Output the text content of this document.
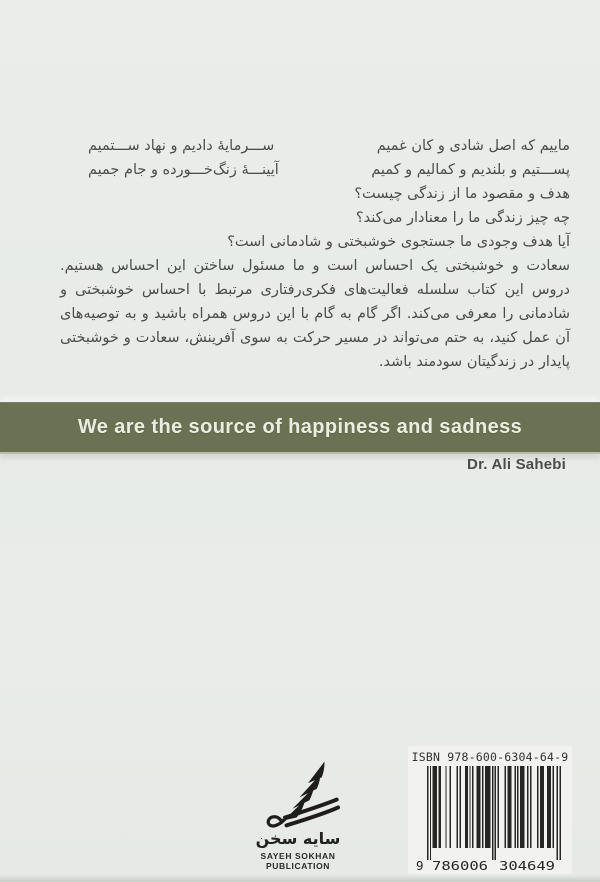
ماییم که اصل شادی و کان غمیم
ســـرمایۀ دادیم و نهاد ســـتمیم
پســـتیم و بلندیم و کمالیم و کمیم
آیینـــۀ زنگ‌خـــورده و جام جمیم
هدف و مقصود ما از زندگی چیست؟
چه چیز زندگی ما را معنادار می‌کند؟
آیا هدف وجودی ما جستجوی خوشبختی و شادمانی است؟
سعادت و خوشبختی یک احساس است و ما مسئول ساختن این احساس هستیم. دروس این کتاب سلسله فعالیت‌های فکری‌رفتاری مرتبط با احساس خوشبختی و شادمانی را معرفی می‌کند. اگر گام به گام با این دروس همراه باشید و به توصیه‌های آن عمل کنید، به حتم می‌تواند در مسیر حرکت به سوی آفرینش، سعادت و خوشبختی پایدار در زندگیتان سودمند باشد.
We are the source of happiness and sadness
Dr. Ali Sahebi
سایه سخن
SAYEH SOKHAN
PUBLICATION
ISBN 978-600-6304-64-9
9 786006 304649
